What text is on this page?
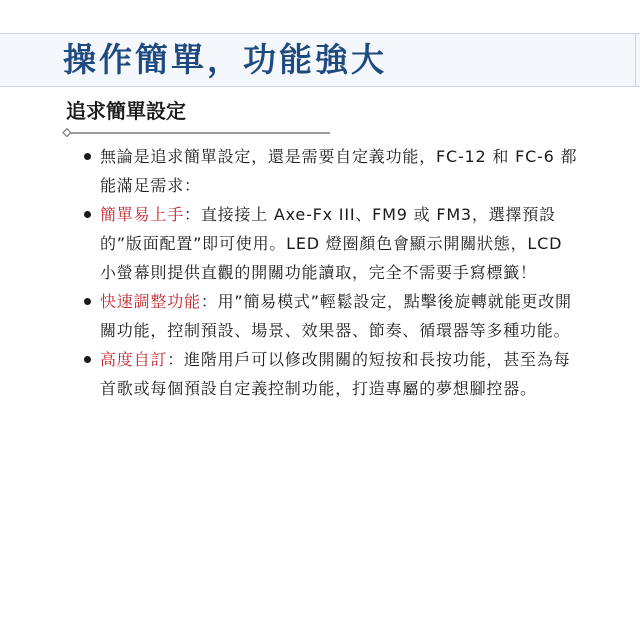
操作簡單，功能強大
追求簡單設定
無論是追求簡單設定，還是需要自定義功能，FC-12 和 FC-6 都能滿足需求：
簡單易上手：直接接上 Axe-Fx III、FM9 或 FM3，選擇預設的”版面配置”即可使用。LED 燈圈顏色會顯示開關狀態，LCD 小螢幕則提供直觀的開關功能讀取，完全不需要手寫標籤！
快速調整功能：用”簡易模式”輕鬆設定，點擊後旋轉就能更改開關功能，控制預設、場景、效果器、節奏、循環器等多種功能。
高度自訂：進階用戶可以修改開關的短按和長按功能，甚至為每首歌或每個預設自定義控制功能，打造專屬的夢想腳控器。
